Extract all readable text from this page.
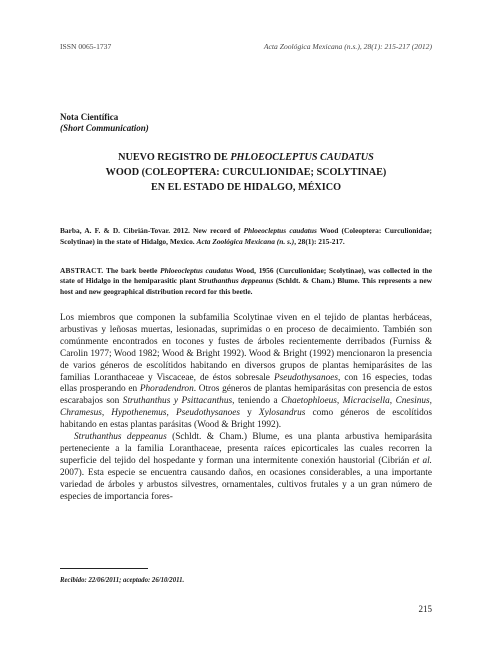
ISSN 0065-1737	Acta Zoológica Mexicana (n.s.), 28(1): 215-217 (2012)
Nota Científica
(Short Communication)
NUEVO REGISTRO DE PHLOEOCLEPTUS CAUDATUS
WOOD (COLEOPTERA: CURCULIONIDAE; SCOLYTINAE)
EN EL ESTADO DE HIDALGO, MÉXICO
Barba, A. F. & D. Cibrián-Tovar. 2012. New record of Phloeocleptus caudatus Wood (Coleoptera: Curculionidae; Scolytinae) in the state of Hidalgo, Mexico. Acta Zoológica Mexicana (n. s.), 28(1): 215-217.
ABSTRACT. The bark beetle Phloeocleptus caudatus Wood, 1956 (Curculionidae; Scolytinae), was collected in the state of Hidalgo in the hemiparasitic plant Struthanthus deppeanus (Schldt. & Cham.) Blume. This represents a new host and new geographical distribution record for this beetle.

Los miembros que componen la subfamilia Scolytinae viven en el tejido de plantas herbáceas, arbustivas y leñosas muertas, lesionadas, suprimidas o en proceso de decaimiento. También son comúnmente encontrados en tocones y fustes de árboles recientemente derribados (Furniss & Carolin 1977; Wood 1982; Wood & Bright 1992). Wood & Bright (1992) mencionaron la presencia de varios géneros de escolítidos habitando en diversos grupos de plantas hemiparásites de las familias Loranthaceae y Viscaceae, de éstos sobresale Pseudothysanoes, con 16 especies, todas ellas prosperando en Phoradendron. Otros géneros de plantas hemiparásitas con presencia de estos escarabajos son Struthanthus y Psittacanthus, teniendo a Chaetophloeus, Micracisella, Cnesinus, Chramesus, Hypothenemus, Pseudothysanoes y Xylosandrus como géneros de escolítidos habitando en estas plantas parásitas (Wood & Bright 1992).

Struthanthus deppeanus (Schldt. & Cham.) Blume, es una planta arbustiva hemiparásita perteneciente a la familia Loranthaceae, presenta raíces epicorticales las cuales recorren la superficie del tejido del hospedante y forman una intermitente conexión haustorial (Cibrián et al. 2007). Esta especie se encuentra causando daños, en ocasiones considerables, a una importante variedad de árboles y arbustos silvestres, ornamentales, cultivos frutales y a un gran número de especies de importancia fores-

Recibido: 22/06/2011; aceptado: 26/10/2011.
215
